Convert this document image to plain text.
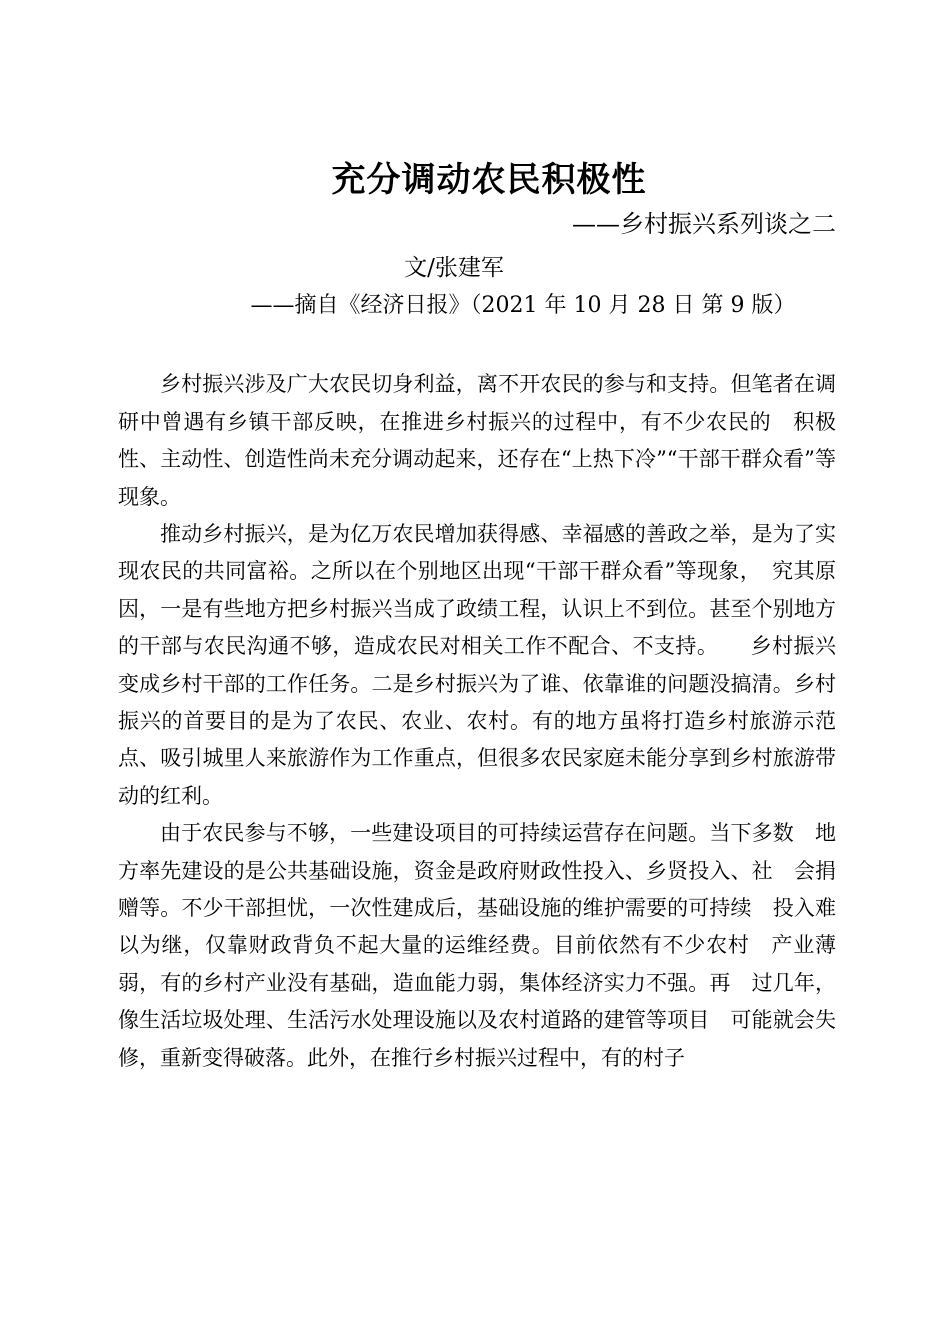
充分调动农民积极性
——乡村振兴系列谈之二
文/张建军
——摘自《经济日报》（2021 年 10 月 28 日 第 9 版）

乡村振兴涉及广大农民切身利益，离不开农民的参与和支持。但笔者在调研中曾遇有乡镇干部反映，在推进乡村振兴的过程中，有不少农民的　积极性、主动性、创造性尚未充分调动起来，还存在“上热下冷”“干部干群众看”等现象。

推动乡村振兴，是为亿万农民增加获得感、幸福感的善政之举，是为了实现农民的共同富裕。之所以在个别地区出现“干部干群众看”等现象，　究其原因，一是有些地方把乡村振兴当成了政绩工程，认识上不到位。甚至个别地方的干部与农民沟通不够，造成农民对相关工作不配合、不支持。　　乡村振兴变成乡村干部的工作任务。二是乡村振兴为了谁、依靠谁的问题没搞清。乡村振兴的首要目的是为了农民、农业、农村。有的地方虽将打造乡村旅游示范点、吸引城里人来旅游作为工作重点，但很多农民家庭未能分享到乡村旅游带动的红利。

由于农民参与不够，一些建设项目的可持续运营存在问题。当下多数　地方率先建设的是公共基础设施，资金是政府财政性投入、乡贤投入、社　会捐赠等。不少干部担忧，一次性建成后，基础设施的维护需要的可持续　投入难以为继，仅靠财政背负不起大量的运维经费。目前依然有不少农村　产业薄弱，有的乡村产业没有基础，造血能力弱，集体经济实力不强。再　过几年，像生活垃圾处理、生活污水处理设施以及农村道路的建管等项目　可能就会失修，重新变得破落。此外，在推行乡村振兴过程中，有的村子
